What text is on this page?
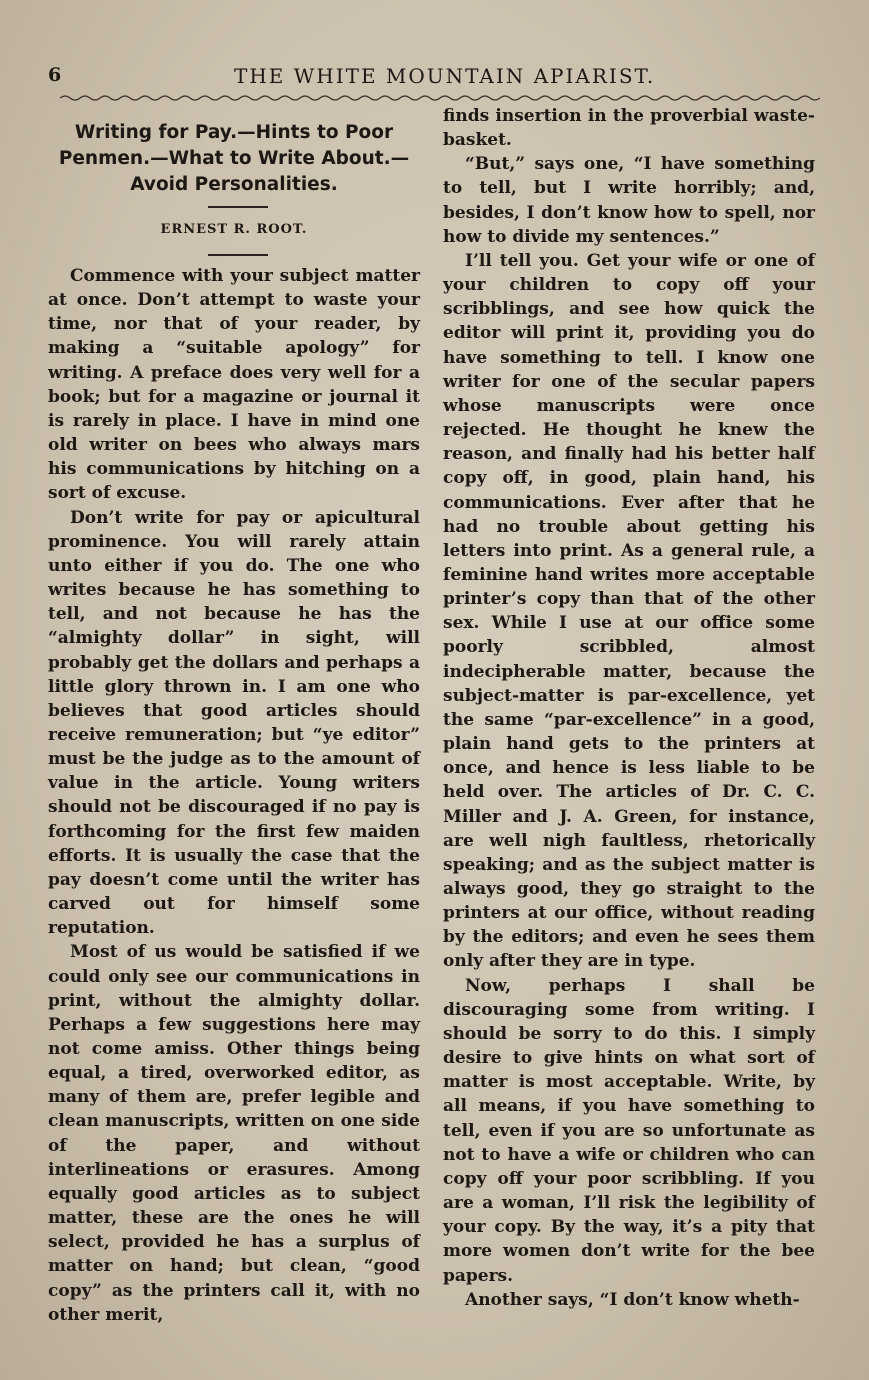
6	THE WHITE MOUNTAIN APIARIST.
Writing for Pay.—Hints to Poor Penmen.—What to Write About.—Avoid Personalities.
ERNEST R. ROOT.

Commence with your subject matter at once. Don’t attempt to waste your time, nor that of your reader, by making a “suitable apology” for writing. A preface does very well for a book; but for a magazine or journal it is rarely in place. I have in mind one old writer on bees who always mars his communications by hitching on a sort of excuse.

Don’t write for pay or apicultural prominence. You will rarely attain unto either if you do. The one who writes because he has something to tell, and not because he has the “almighty dollar” in sight, will probably get the dollars and perhaps a little glory thrown in. I am one who believes that good articles should receive remuneration; but “ye editor” must be the judge as to the amount of value in the article. Young writers should not be discouraged if no pay is forthcoming for the first few maiden efforts. It is usually the case that the pay doesn’t come until the writer has carved out for himself some reputation.

Most of us would be satisfied if we could only see our communications in print, without the almighty dollar. Perhaps a few suggestions here may not come amiss. Other things being equal, a tired, overworked editor, as many of them are, prefer legible and clean manuscripts, written on one side of the paper, and without interlineations or erasures. Among equally good articles as to subject matter, these are the ones he will select, provided he has a surplus of matter on hand; but clean, “good copy” as the printers call it, with no other merit,

finds insertion in the proverbial waste-basket.

“But,” says one, “I have something to tell, but I write horribly; and, besides, I don’t know how to spell, nor how to divide my sentences.”

I’ll tell you. Get your wife or one of your children to copy off your scribblings, and see how quick the editor will print it, providing you do have something to tell. I know one writer for one of the secular papers whose manuscripts were once rejected. He thought he knew the reason, and finally had his better half copy off, in good, plain hand, his communications. Ever after that he had no trouble about getting his letters into print. As a general rule, a feminine hand writes more acceptable printer’s copy than that of the other sex. While I use at our office some poorly scribbled, almost indecipherable matter, because the subject-matter is par-excellence, yet the same “par-excellence” in a good, plain hand gets to the printers at once, and hence is less liable to be held over. The articles of Dr. C. C. Miller and J. A. Green, for instance, are well nigh faultless, rhetorically speaking; and as the subject matter is always good, they go straight to the printers at our office, without reading by the editors; and even he sees them only after they are in type.

Now, perhaps I shall be discouraging some from writing. I should be sorry to do this. I simply desire to give hints on what sort of matter is most acceptable. Write, by all means, if you have something to tell, even if you are so unfortunate as not to have a wife or children who can copy off your poor scribbling. If you are a woman, I’ll risk the legibility of your copy. By the way, it’s a pity that more women don’t write for the bee papers.

Another says, “I don’t know wheth-
